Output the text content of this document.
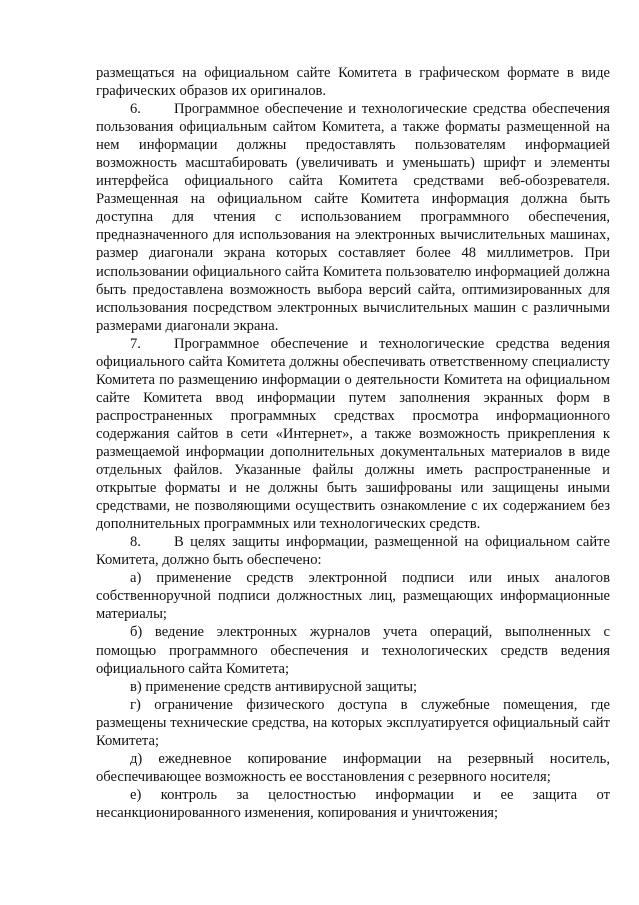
размещаться на официальном сайте Комитета в графическом формате в виде графических образов их оригиналов.

6. Программное обеспечение и технологические средства обеспечения пользования официальным сайтом Комитета, а также форматы размещенной на нем информации должны предоставлять пользователям информацией возможность масштабировать (увеличивать и уменьшать) шрифт и элементы интерфейса официального сайта Комитета средствами веб-обозревателя. Размещенная на официальном сайте Комитета информация должна быть доступна для чтения с использованием программного обеспечения, предназначенного для использования на электронных вычислительных машинах, размер диагонали экрана которых составляет более 48 миллиметров. При использовании официального сайта Комитета пользователю информацией должна быть предоставлена возможность выбора версий сайта, оптимизированных для использования посредством электронных вычислительных машин с различными размерами диагонали экрана.

7. Программное обеспечение и технологические средства ведения официального сайта Комитета должны обеспечивать ответственному специалисту Комитета по размещению информации о деятельности Комитета на официальном сайте Комитета ввод информации путем заполнения экранных форм в распространенных программных средствах просмотра информационного содержания сайтов в сети «Интернет», а также возможность прикрепления к размещаемой информации дополнительных документальных материалов в виде отдельных файлов. Указанные файлы должны иметь распространенные и открытые форматы и не должны быть зашифрованы или защищены иными средствами, не позволяющими осуществить ознакомление с их содержанием без дополнительных программных или технологических средств.

8. В целях защиты информации, размещенной на официальном сайте Комитета, должно быть обеспечено:

а) применение средств электронной подписи или иных аналогов собственноручной подписи должностных лиц, размещающих информационные материалы;

б) ведение электронных журналов учета операций, выполненных с помощью программного обеспечения и технологических средств ведения официального сайта Комитета;

в) применение средств антивирусной защиты;

г) ограничение физического доступа в служебные помещения, где размещены технические средства, на которых эксплуатируется официальный сайт Комитета;

д) ежедневное копирование информации на резервный носитель, обеспечивающее возможность ее восстановления с резервного носителя;

е) контроль за целостностью информации и ее защита от несанкционированного изменения, копирования и уничтожения;
